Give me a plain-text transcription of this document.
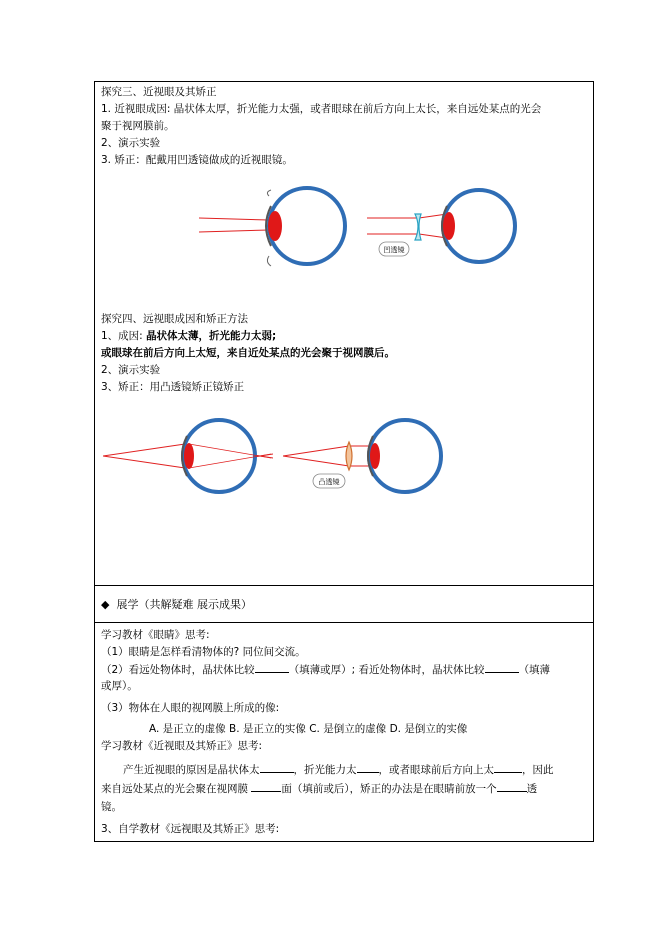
探究三、近视眼及其矫正
1. 近视眼成因: 晶状体太厚，折光能力太强，或者眼球在前后方向上太长，来自远处某点的光会
聚于视网膜前。
2、演示实验
3. 矫正：配戴用凹透镜做成的近视眼镜。
凹透镜
探究四、远视眼成因和矫正方法
1、成因: 晶状体太薄，折光能力太弱;
或眼球在前后方向上太短，来自近处某点的光会聚于视网膜后。
2、演示实验
3、矫正：用凸透镜矫正镜矫正
凸透镜
◆ 展学（共解疑难 展示成果）
学习教材《眼睛》思考:
（1）眼睛是怎样看清物体的? 同位间交流。
（2）看远处物体时，晶状体比较	（填薄或厚）; 看近处物体时，晶状体比较	（填薄
或厚）。
（3）物体在人眼的视网膜上所成的像:
A. 是正立的虚像 B. 是正立的实像 C. 是倒立的虚像 D. 是倒立的实像
学习教材《近视眼及其矫正》思考:
产生近视眼的原因是晶状体太	，折光能力太 ，或者眼球前后方向上太	，因此
来自远处某点的光会聚在视网膜	面（填前或后），矫正的办法是在眼睛前放一个	透
镜。
3、自学教材《远视眼及其矫正》思考:
